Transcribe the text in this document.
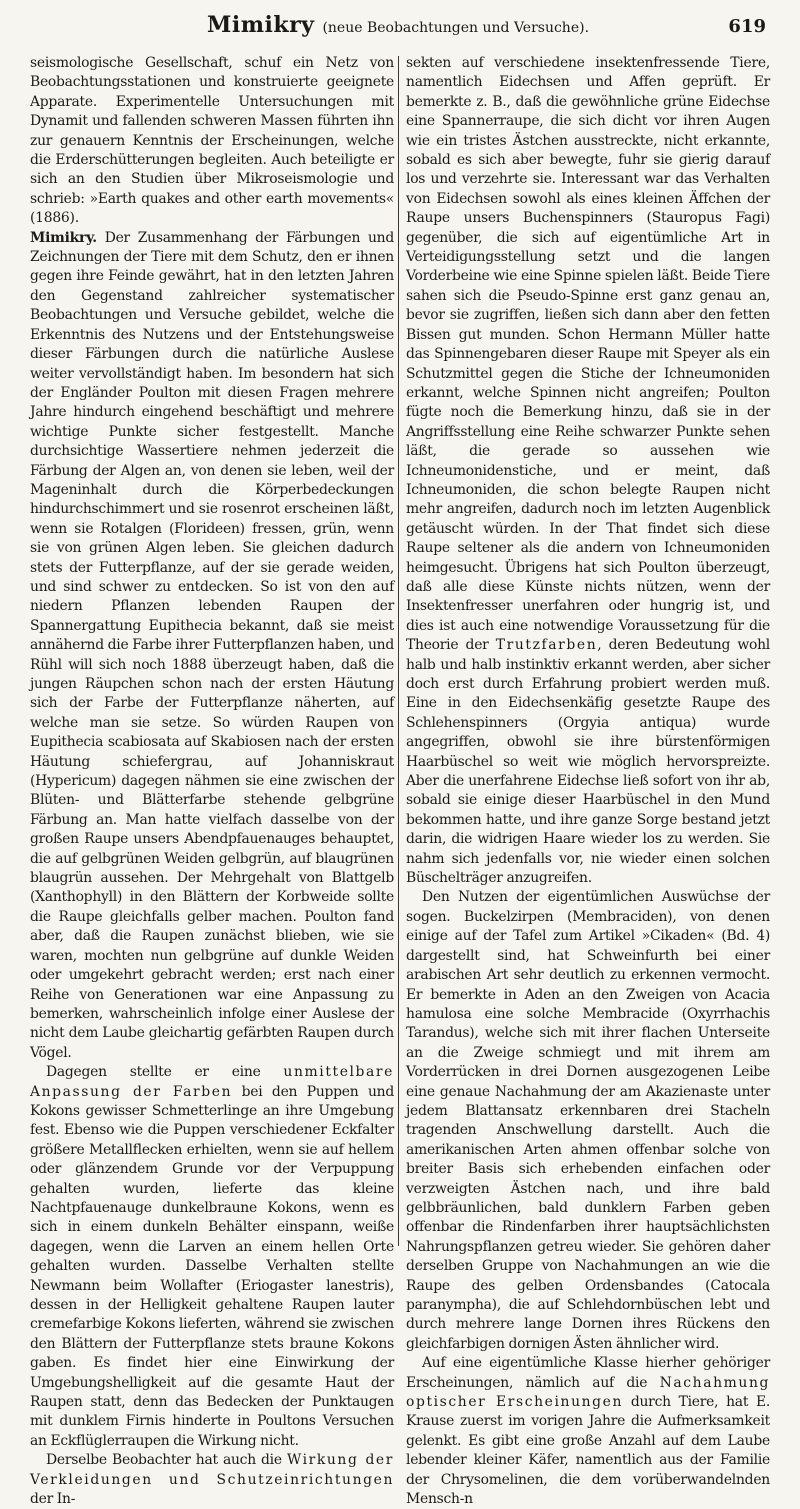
Mimikry (neue Beobachtungen und Versuche).	619

seismologische Gesellschaft, schuf ein Netz von Beobachtungsstationen und konstruierte geeignete Apparate. Experimentelle Untersuchungen mit Dynamit und fallenden schweren Massen führten ihn zur genauern Kenntnis der Erscheinungen, welche die Erderschütterungen begleiten. Auch beteiligte er sich an den Studien über Mikroseismologie und schrieb: »Earth quakes and other earth movements« (1886).

Mimikry. Der Zusammenhang der Färbungen und Zeichnungen der Tiere mit dem Schutz, den er ihnen gegen ihre Feinde gewährt, hat in den letzten Jahren den Gegenstand zahlreicher systematischer Beobachtungen und Versuche gebildet, welche die Erkenntnis des Nutzens und der Entstehungsweise dieser Färbungen durch die natürliche Auslese weiter vervollständigt haben. Im besondern hat sich der Engländer Poulton mit diesen Fragen mehrere Jahre hindurch eingehend beschäftigt und mehrere wichtige Punkte sicher festgestellt. Manche durchsichtige Wassertiere nehmen jederzeit die Färbung der Algen an, von denen sie leben, weil der Mageninhalt durch die Körperbedeckungen hindurchschimmert und sie rosenrot erscheinen läßt, wenn sie Rotalgen (Florideen) fressen, grün, wenn sie von grünen Algen leben. Sie gleichen dadurch stets der Futterpflanze, auf der sie gerade weiden, und sind schwer zu entdecken. So ist von den auf niedern Pflanzen lebenden Raupen der Spannergattung Eupithecia bekannt, daß sie meist annähernd die Farbe ihrer Futterpflanzen haben, und Rühl will sich noch 1888 überzeugt haben, daß die jungen Räupchen schon nach der ersten Häutung sich der Farbe der Futterpflanze näherten, auf welche man sie setze. So würden Raupen von Eupithecia scabiosata auf Skabiosen nach der ersten Häutung schiefergrau, auf Johanniskraut (Hypericum) dagegen nähmen sie eine zwischen der Blüten- und Blätterfarbe stehende gelbgrüne Färbung an. Man hatte vielfach dasselbe von der großen Raupe unsers Abendpfauenauges behauptet, die auf gelbgrünen Weiden gelbgrün, auf blaugrünen blaugrün aussehen. Der Mehrgehalt von Blattgelb (Xanthophyll) in den Blättern der Korbweide sollte die Raupe gleichfalls gelber machen. Poulton fand aber, daß die Raupen zunächst blieben, wie sie waren, mochten nun gelbgrüne auf dunkle Weiden oder umgekehrt gebracht werden; erst nach einer Reihe von Generationen war eine Anpassung zu bemerken, wahrscheinlich infolge einer Auslese der nicht dem Laube gleichartig gefärbten Raupen durch Vögel.

Dagegen stellte er eine unmittelbare Anpassung der Farben bei den Puppen und Kokons gewisser Schmetterlinge an ihre Umgebung fest. Ebenso wie die Puppen verschiedener Eckfalter größere Metallflecken erhielten, wenn sie auf hellem oder glänzendem Grunde vor der Verpuppung gehalten wurden, lieferte das kleine Nachtpfauenauge dunkelbraune Kokons, wenn es sich in einem dunkeln Behälter einspann, weiße dagegen, wenn die Larven an einem hellen Orte gehalten wurden. Dasselbe Verhalten stellte Newmann beim Wollafter (Eriogaster lanestris), dessen in der Helligkeit gehaltene Raupen lauter cremefarbige Kokons lieferten, während sie zwischen den Blättern der Futterpflanze stets braune Kokons gaben. Es findet hier eine Einwirkung der Umgebungshelligkeit auf die gesamte Haut der Raupen statt, denn das Bedecken der Punktaugen mit dunklem Firnis hinderte in Poultons Versuchen an Eckflüglerraupen die Wirkung nicht.

Derselbe Beobachter hat auch die Wirkung der Verkleidungen und Schutzeinrichtungen der In-

sekten auf verschiedene insektenfressende Tiere, namentlich Eidechsen und Affen geprüft. Er bemerkte z. B., daß die gewöhnliche grüne Eidechse eine Spannerraupe, die sich dicht vor ihren Augen wie ein tristes Ästchen ausstreckte, nicht erkannte, sobald es sich aber bewegte, fuhr sie gierig darauf los und verzehrte sie. Interessant war das Verhalten von Eidechsen sowohl als eines kleinen Äffchen der Raupe unsers Buchenspinners (Stauropus Fagi) gegenüber, die sich auf eigentümliche Art in Verteidigungsstellung setzt und die langen Vorderbeine wie eine Spinne spielen läßt. Beide Tiere sahen sich die Pseudo-Spinne erst ganz genau an, bevor sie zugriffen, ließen sich dann aber den fetten Bissen gut munden. Schon Hermann Müller hatte das Spinnengebaren dieser Raupe mit Speyer als ein Schutzmittel gegen die Stiche der Ichneumoniden erkannt, welche Spinnen nicht angreifen; Poulton fügte noch die Bemerkung hinzu, daß sie in der Angriffsstellung eine Reihe schwarzer Punkte sehen läßt, die gerade so aussehen wie Ichneumonidenstiche, und er meint, daß Ichneumoniden, die schon belegte Raupen nicht mehr angreifen, dadurch noch im letzten Augenblick getäuscht würden. In der That findet sich diese Raupe seltener als die andern von Ichneumoniden heimgesucht. Übrigens hat sich Poulton überzeugt, daß alle diese Künste nichts nützen, wenn der Insektenfresser unerfahren oder hungrig ist, und dies ist auch eine notwendige Voraussetzung für die Theorie der Trutzfarben, deren Bedeutung wohl halb und halb instinktiv erkannt werden, aber sicher doch erst durch Erfahrung probiert werden muß. Eine in den Eidechsenkäfig gesetzte Raupe des Schlehenspinners (Orgyia antiqua) wurde angegriffen, obwohl sie ihre bürstenförmigen Haarbüschel so weit wie möglich hervorspreizte. Aber die unerfahrene Eidechse ließ sofort von ihr ab, sobald sie einige dieser Haarbüschel in den Mund bekommen hatte, und ihre ganze Sorge bestand jetzt darin, die widrigen Haare wieder los zu werden. Sie nahm sich jedenfalls vor, nie wieder einen solchen Büschelträger anzugreifen.

Den Nutzen der eigentümlichen Auswüchse der sogen. Buckelzirpen (Membraciden), von denen einige auf der Tafel zum Artikel »Cikaden« (Bd. 4) dargestellt sind, hat Schweinfurth bei einer arabischen Art sehr deutlich zu erkennen vermocht. Er bemerkte in Aden an den Zweigen von Acacia hamulosa eine solche Membracide (Oxyrrhachis Tarandus), welche sich mit ihrer flachen Unterseite an die Zweige schmiegt und mit ihrem am Vorderrücken in drei Dornen ausgezogenen Leibe eine genaue Nachahmung der am Akazienaste unter jedem Blattansatz erkennbaren drei Stacheln tragenden Anschwellung darstellt. Auch die amerikanischen Arten ahmen offenbar solche von breiter Basis sich erhebenden einfachen oder verzweigten Ästchen nach, und ihre bald gelbbräunlichen, bald dunklern Farben geben offenbar die Rindenfarben ihrer hauptsächlichsten Nahrungspflanzen getreu wieder. Sie gehören daher derselben Gruppe von Nachahmungen an wie die Raupe des gelben Ordensbandes (Catocala paranympha), die auf Schlehdornbüschen lebt und durch mehrere lange Dornen ihres Rückens den gleichfarbigen dornigen Ästen ähnlicher wird.

Auf eine eigentümliche Klasse hierher gehöriger Erscheinungen, nämlich auf die Nachahmung optischer Erscheinungen durch Tiere, hat E. Krause zuerst im vorigen Jahre die Aufmerksamkeit gelenkt. Es gibt eine große Anzahl auf dem Laube lebender kleiner Käfer, namentlich aus der Familie der Chrysomelinen, die dem vorüberwandelnden Mensch-n
